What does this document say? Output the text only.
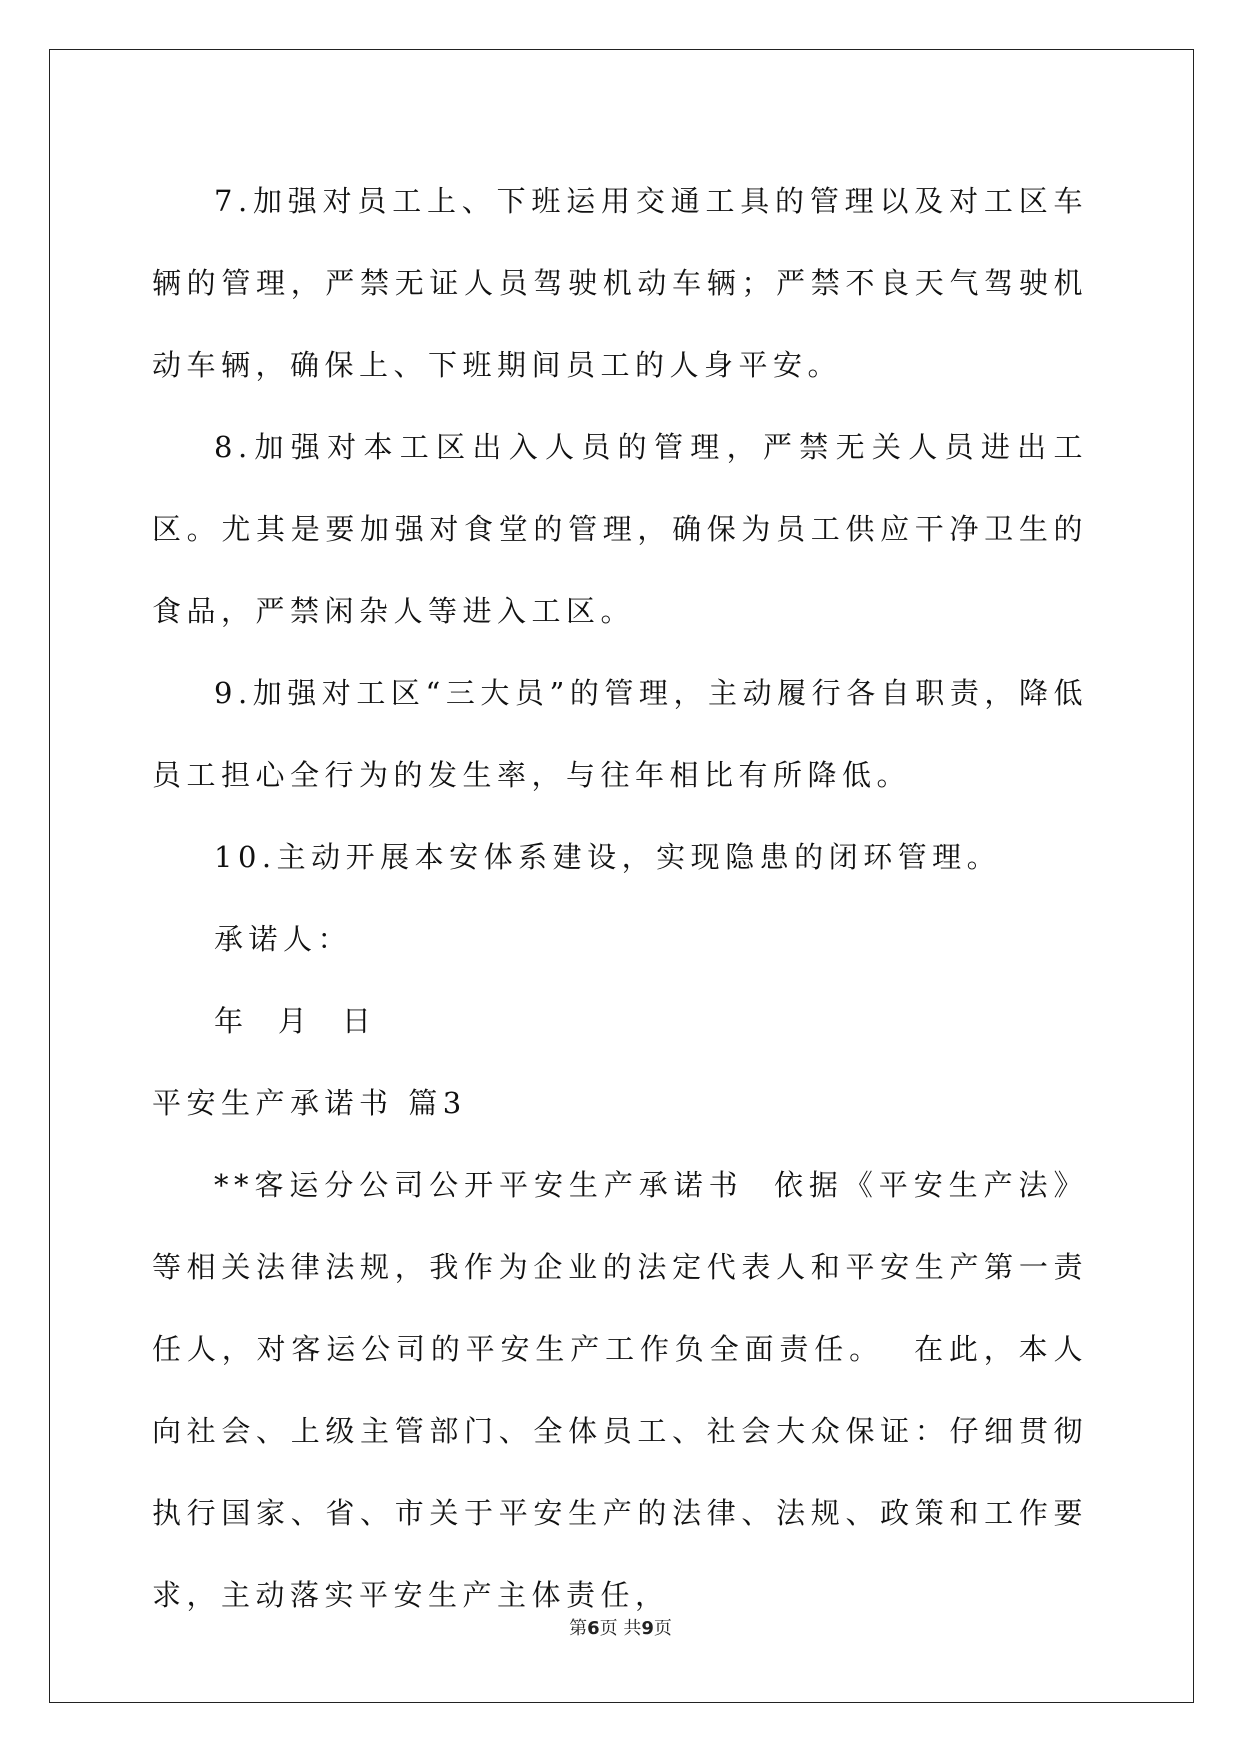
7.加强对员工上、下班运用交通工具的管理以及对工区车辆的管理，严禁无证人员驾驶机动车辆；严禁不良天气驾驶机动车辆，确保上、下班期间员工的人身平安。

8.加强对本工区出入人员的管理，严禁无关人员进出工区。尤其是要加强对食堂的管理，确保为员工供应干净卫生的食品，严禁闲杂人等进入工区。

9.加强对工区“三大员”的管理，主动履行各自职责，降低员工担心全行为的发生率，与往年相比有所降低。

10.主动开展本安体系建设，实现隐患的闭环管理。

承诺人：

年  月  日

平安生产承诺书 篇3

**客运分公司公开平安生产承诺书  依据《平安生产法》等相关法律法规，我作为企业的法定代表人和平安生产第一责任人，对客运公司的平安生产工作负全面责任。  在此，本人向社会、上级主管部门、全体员工、社会大众保证：仔细贯彻执行国家、省、市关于平安生产的法律、法规、政策和工作要求，主动落实平安生产主体责任，

第6页 共9页
